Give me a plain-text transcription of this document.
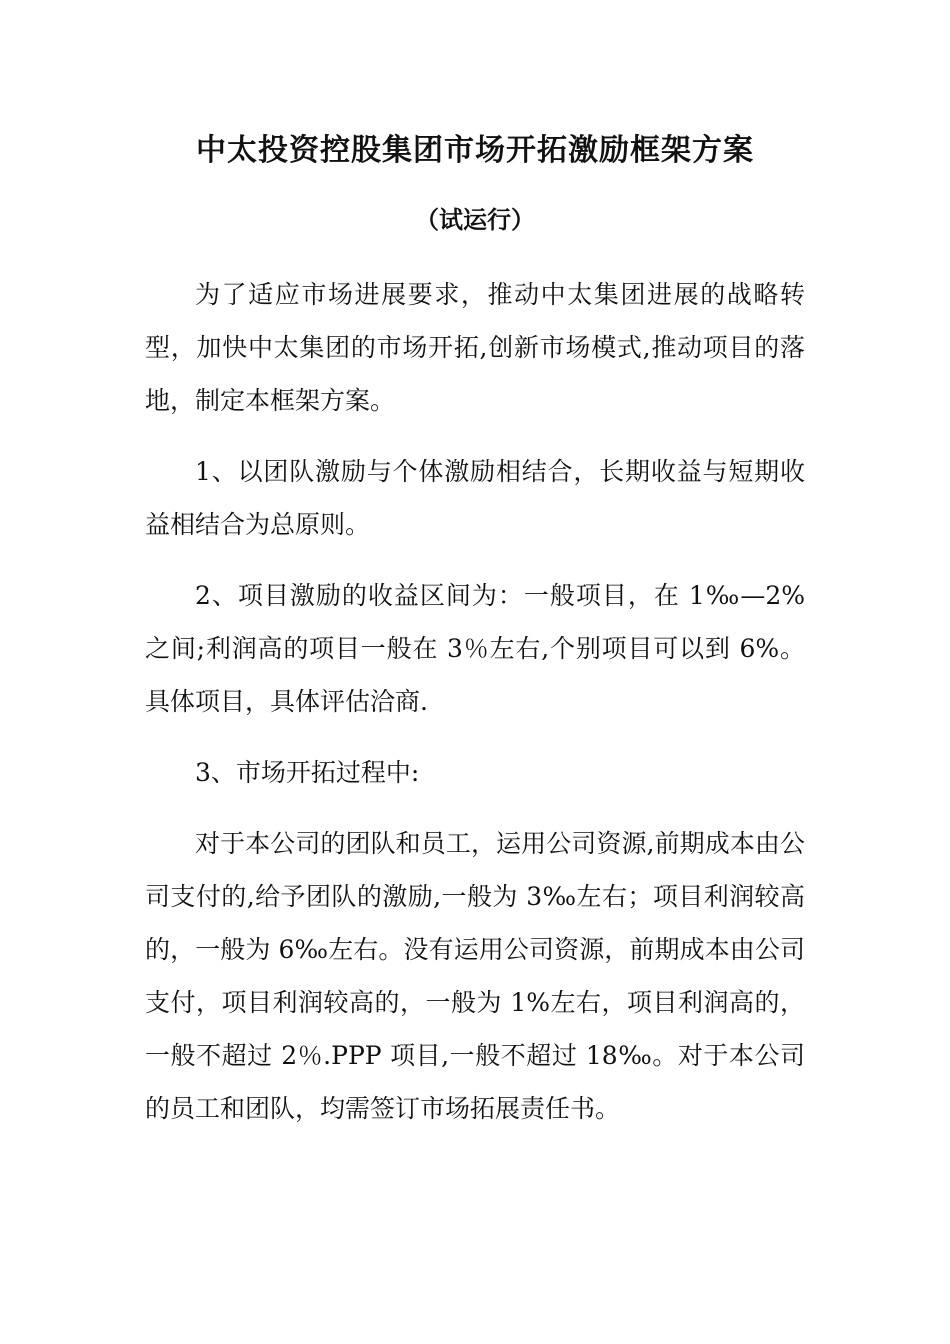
中太投资控股集团市场开拓激励框架方案
（试运行）

为了适应市场进展要求，推动中太集团进展的战略转型，加快中太集团的市场开拓,创新市场模式,推动项目的落地，制定本框架方案。

1、以团队激励与个体激励相结合，长期收益与短期收益相结合为总原则。

2、项目激励的收益区间为：一般项目，在 1‰—2%之间;利润高的项目一般在 3％左右,个别项目可以到 6%。具体项目，具体评估洽商.

3、市场开拓过程中:

对于本公司的团队和员工，运用公司资源,前期成本由公司支付的,给予团队的激励,一般为 3‰左右；项目利润较高的，一般为 6‰左右。没有运用公司资源，前期成本由公司支付，项目利润较高的，一般为 1%左右，项目利润高的，一般不超过 2％.PPP 项目,一般不超过 18‰。对于本公司的员工和团队，均需签订市场拓展责任书。
